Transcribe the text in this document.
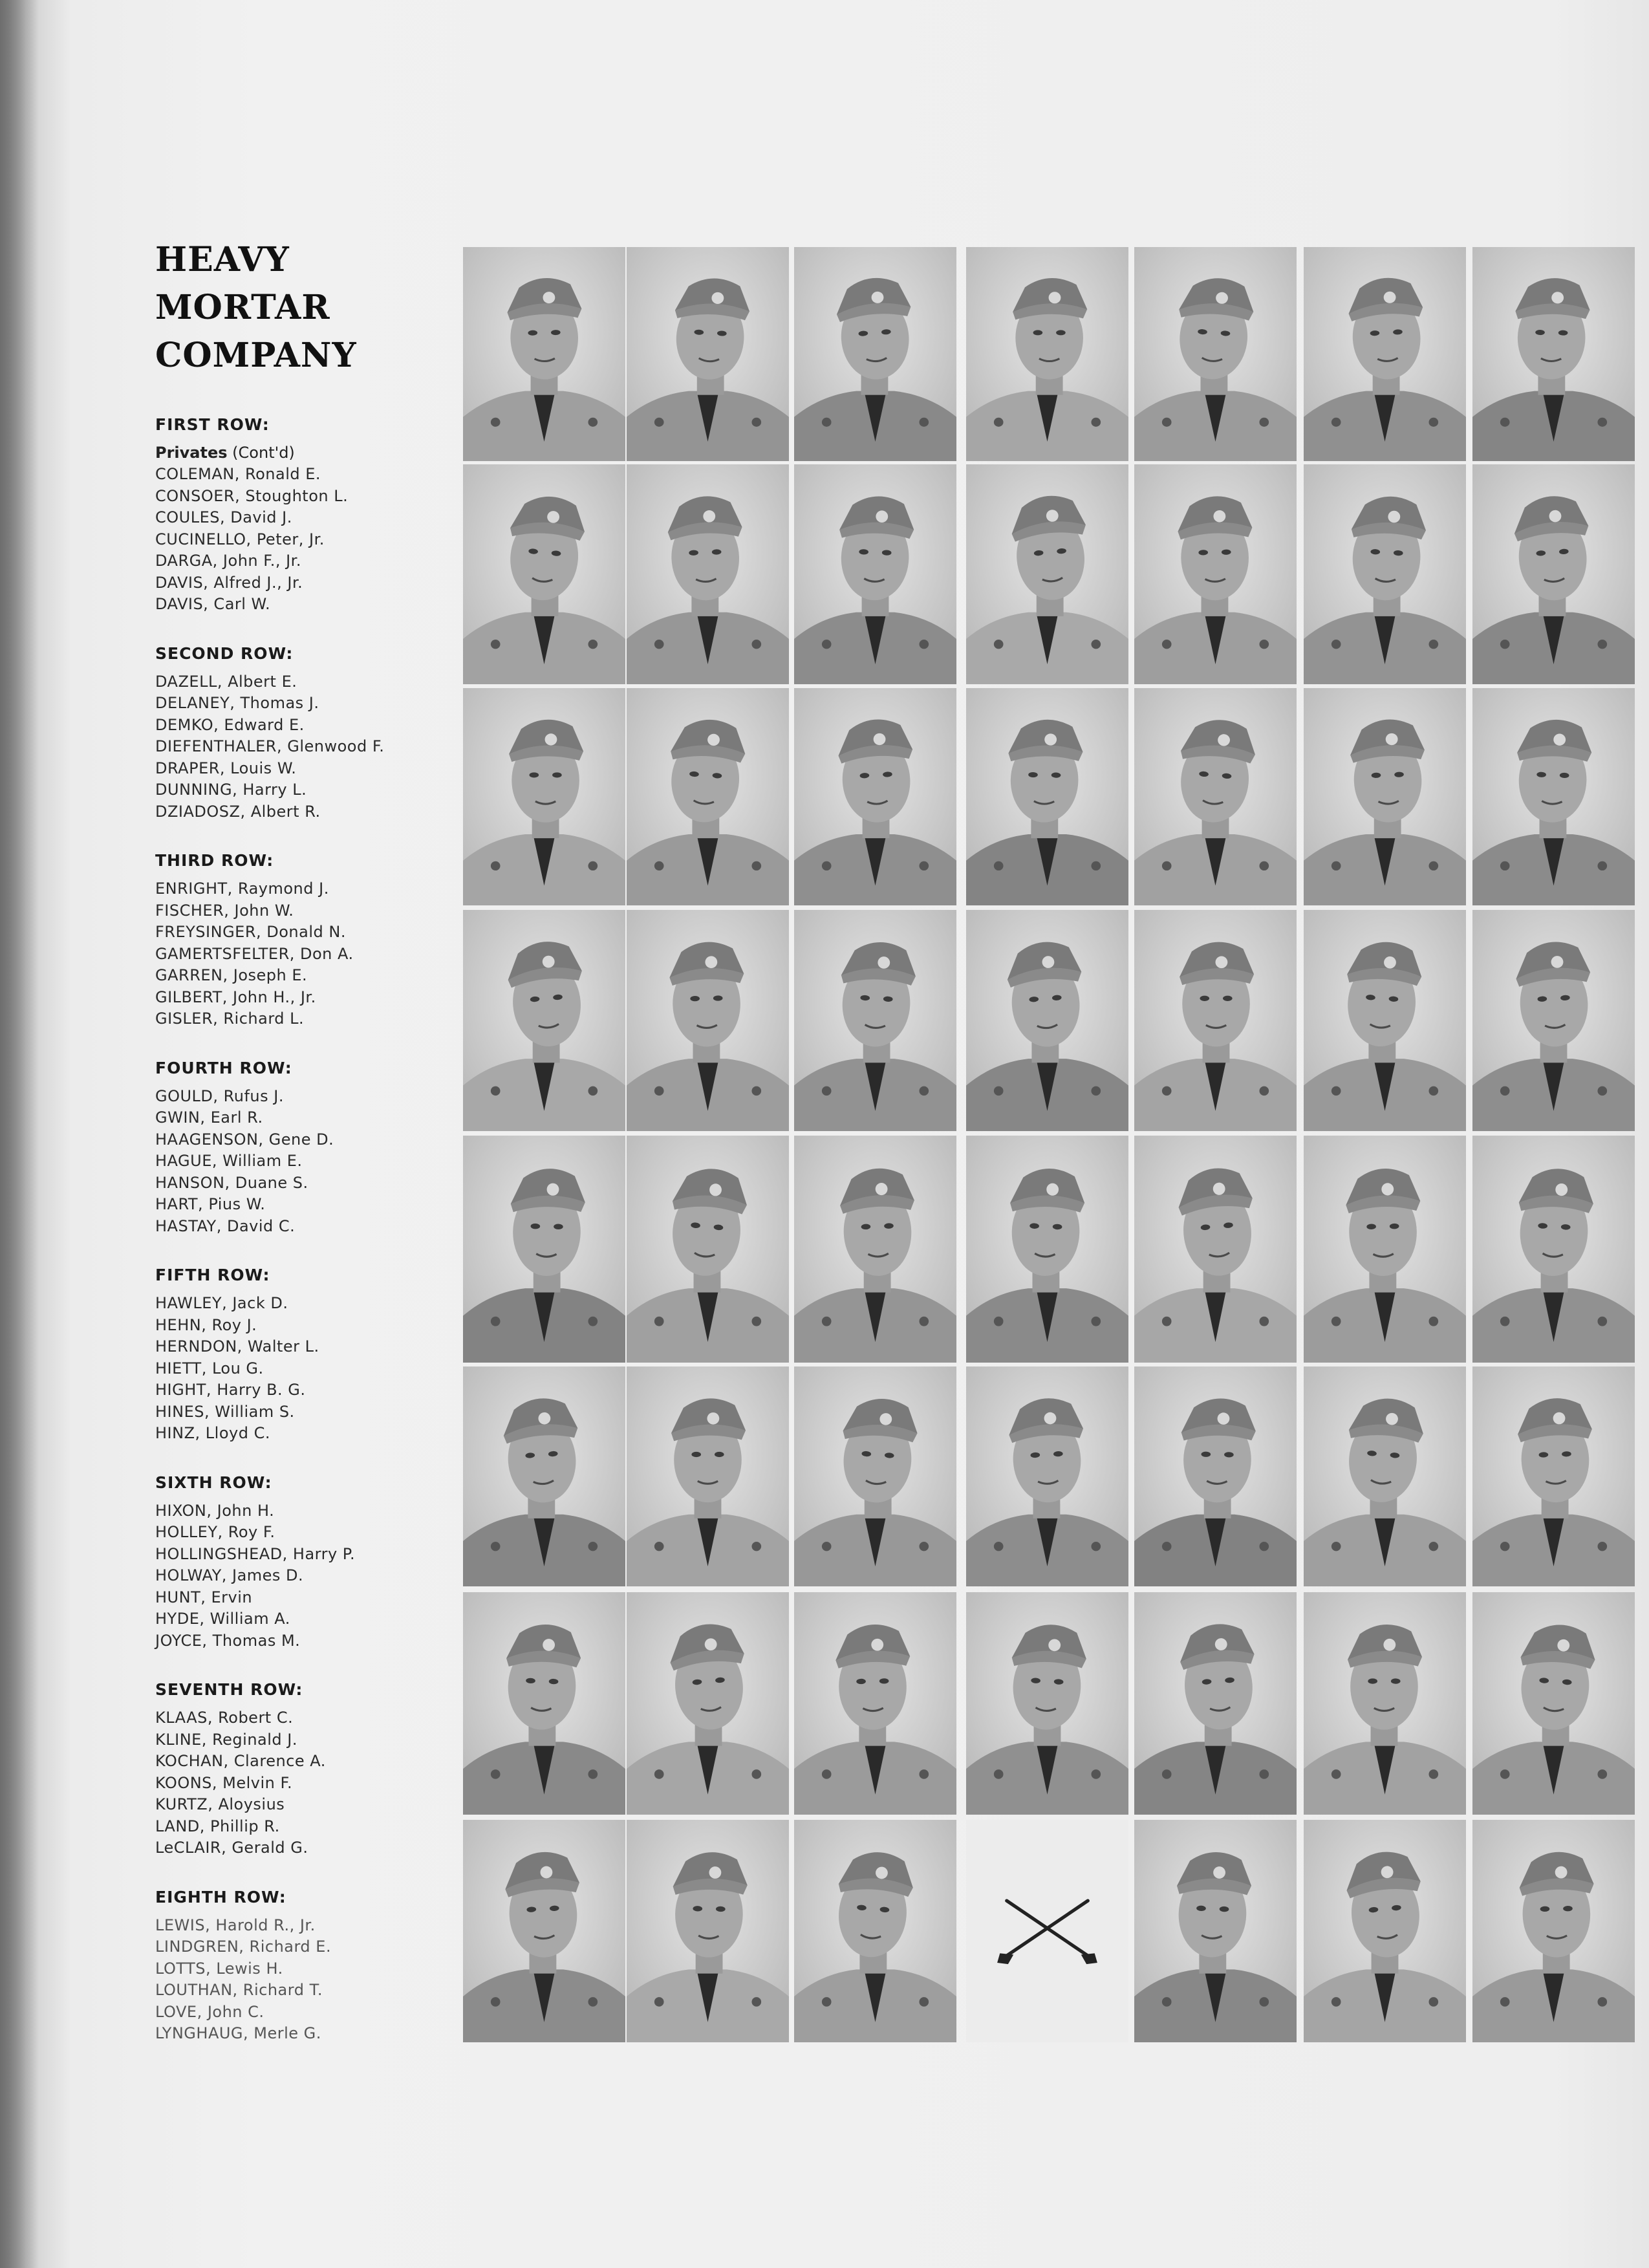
HEAVY
MORTAR
COMPANY
FIRST ROW:
Privates (Cont'd)
COLEMAN, Ronald E.
CONSOER, Stoughton L.
COULES, David J.
CUCINELLO, Peter, Jr.
DARGA, John F., Jr.
DAVIS, Alfred J., Jr.
DAVIS, Carl W.
SECOND ROW:
DAZELL, Albert E.
DELANEY, Thomas J.
DEMKO, Edward E.
DIEFENTHALER, Glenwood F.
DRAPER, Louis W.
DUNNING, Harry L.
DZIADOSZ, Albert R.
THIRD ROW:
ENRIGHT, Raymond J.
FISCHER, John W.
FREYSINGER, Donald N.
GAMERTSFELTER, Don A.
GARREN, Joseph E.
GILBERT, John H., Jr.
GISLER, Richard L.
FOURTH ROW:
GOULD, Rufus J.
GWIN, Earl R.
HAAGENSON, Gene D.
HAGUE, William E.
HANSON, Duane S.
HART, Pius W.
HASTAY, David C.
FIFTH ROW:
HAWLEY, Jack D.
HEHN, Roy J.
HERNDON, Walter L.
HIETT, Lou G.
HIGHT, Harry B. G.
HINES, William S.
HINZ, Lloyd C.
SIXTH ROW:
HIXON, John H.
HOLLEY, Roy F.
HOLLINGSHEAD, Harry P.
HOLWAY, James D.
HUNT, Ervin
HYDE, William A.
JOYCE, Thomas M.
SEVENTH ROW:
KLAAS, Robert C.
KLINE, Reginald J.
KOCHAN, Clarence A.
KOONS, Melvin F.
KURTZ, Aloysius
LAND, Phillip R.
LeCLAIR, Gerald G.
EIGHTH ROW:
LEWIS, Harold R., Jr.
LINDGREN, Richard E.
LOTTS, Lewis H.
LOUTHAN, Richard T.
LOVE, John C.
LYNGHAUG, Merle G.
